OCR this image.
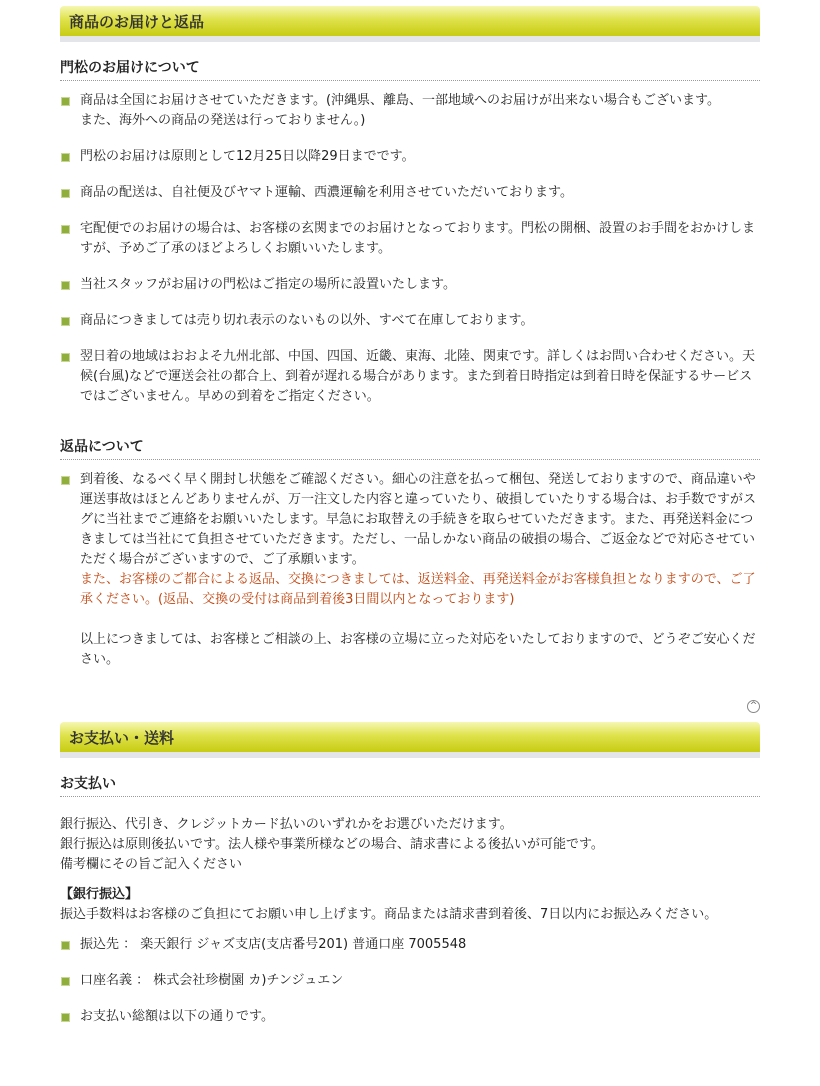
商品のお届けと返品
門松のお届けについて
商品は全国にお届けさせていただきます。(沖縄県、離島、一部地域へのお届けが出来ない場合もございます。
また、海外への商品の発送は行っておりません。)
門松のお届けは原則として12月25日以降29日までです。
商品の配送は、自社便及びヤマト運輸、西濃運輸を利用させていただいております。
宅配便でのお届けの場合は、お客様の玄関までのお届けとなっております。門松の開梱、設置のお手間をおかけしますが、予めご了承のほどよろしくお願いいたします。
当社スタッフがお届けの門松はご指定の場所に設置いたします。
商品につきましては売り切れ表示のないもの以外、すべて在庫しております。
翌日着の地域はおおよそ九州北部、中国、四国、近畿、東海、北陸、関東です。詳しくはお問い合わせください。天候(台風)などで運送会社の都合上、到着が遅れる場合があります。また到着日時指定は到着日時を保証するサービスではございません。早めの到着をご指定ください。
返品について
到着後、なるべく早く開封し状態をご確認ください。細心の注意を払って梱包、発送しておりますので、商品違いや運送事故はほとんどありませんが、万一注文した内容と違っていたり、破損していたりする場合は、お手数ですがスグに当社までご連絡をお願いいたします。早急にお取替えの手続きを取らせていただきます。また、再発送料金につきましては当社にて負担させていただきます。ただし、一品しかない商品の破損の場合、ご返金などで対応させていただく場合がございますので、ご了承願います。
また、お客様のご都合による返品、交換につきましては、返送料金、再発送料金がお客様負担となりますので、ご了承ください。(返品、交換の受付は商品到着後3日間以内となっております)
以上につきましては、お客様とご相談の上、お客様の立場に立った対応をいたしておりますので、どうぞご安心ください。
^
お支払い・送料
お支払い

銀行振込、代引き、クレジットカード払いのいずれかをお選びいただけます。

銀行振込は原則後払いです。法人様や事業所様などの場合、請求書による後払いが可能です。

備考欄にその旨ご記入ください

【銀行振込】

振込手数料はお客様のご負担にてお願い申し上げます。商品または請求書到着後、7日以内にお振込みください。

振込先 ： 楽天銀行 ジャズ支店(支店番号201) 普通口座 7005548
口座名義 ： 株式会社珍樹園 カ)チンジュエン
お支払い総額は以下の通りです。
